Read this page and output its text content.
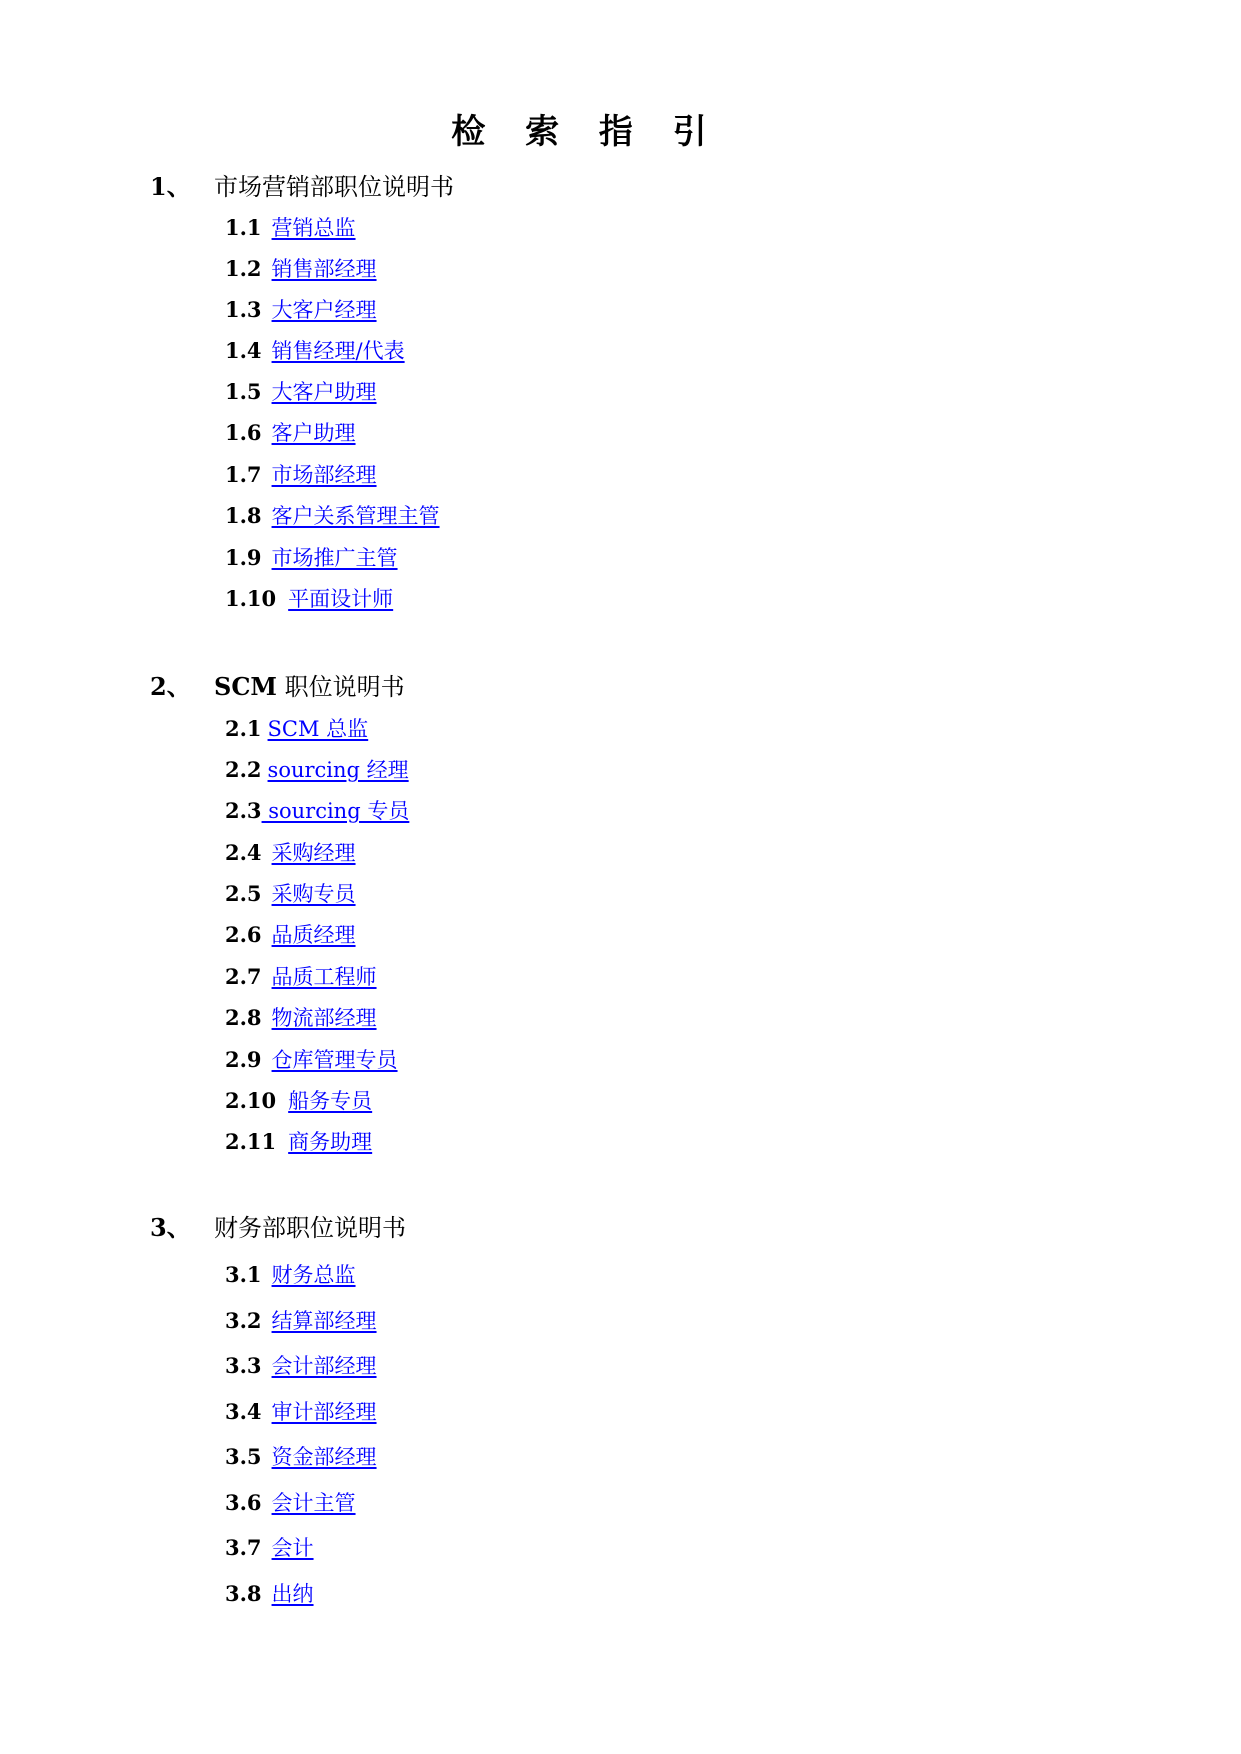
检 索 指 引
1、 市场营销部职位说明书
1.1 营销总监
1.2 销售部经理
1.3 大客户经理
1.4 销售经理/代表
1.5 大客户助理
1.6 客户助理
1.7 市场部经理
1.8 客户关系管理主管
1.9 市场推广主管
1.10 平面设计师
2、 SCM 职位说明书
2.1 SCM 总监
2.2 sourcing 经理
2.3 sourcing 专员
2.4 采购经理
2.5 采购专员
2.6 品质经理
2.7 品质工程师
2.8 物流部经理
2.9 仓库管理专员
2.10 船务专员
2.11 商务助理
3、 财务部职位说明书
3.1 财务总监
3.2 结算部经理
3.3 会计部经理
3.4 审计部经理
3.5 资金部经理
3.6 会计主管
3.7 会计
3.8 出纳
